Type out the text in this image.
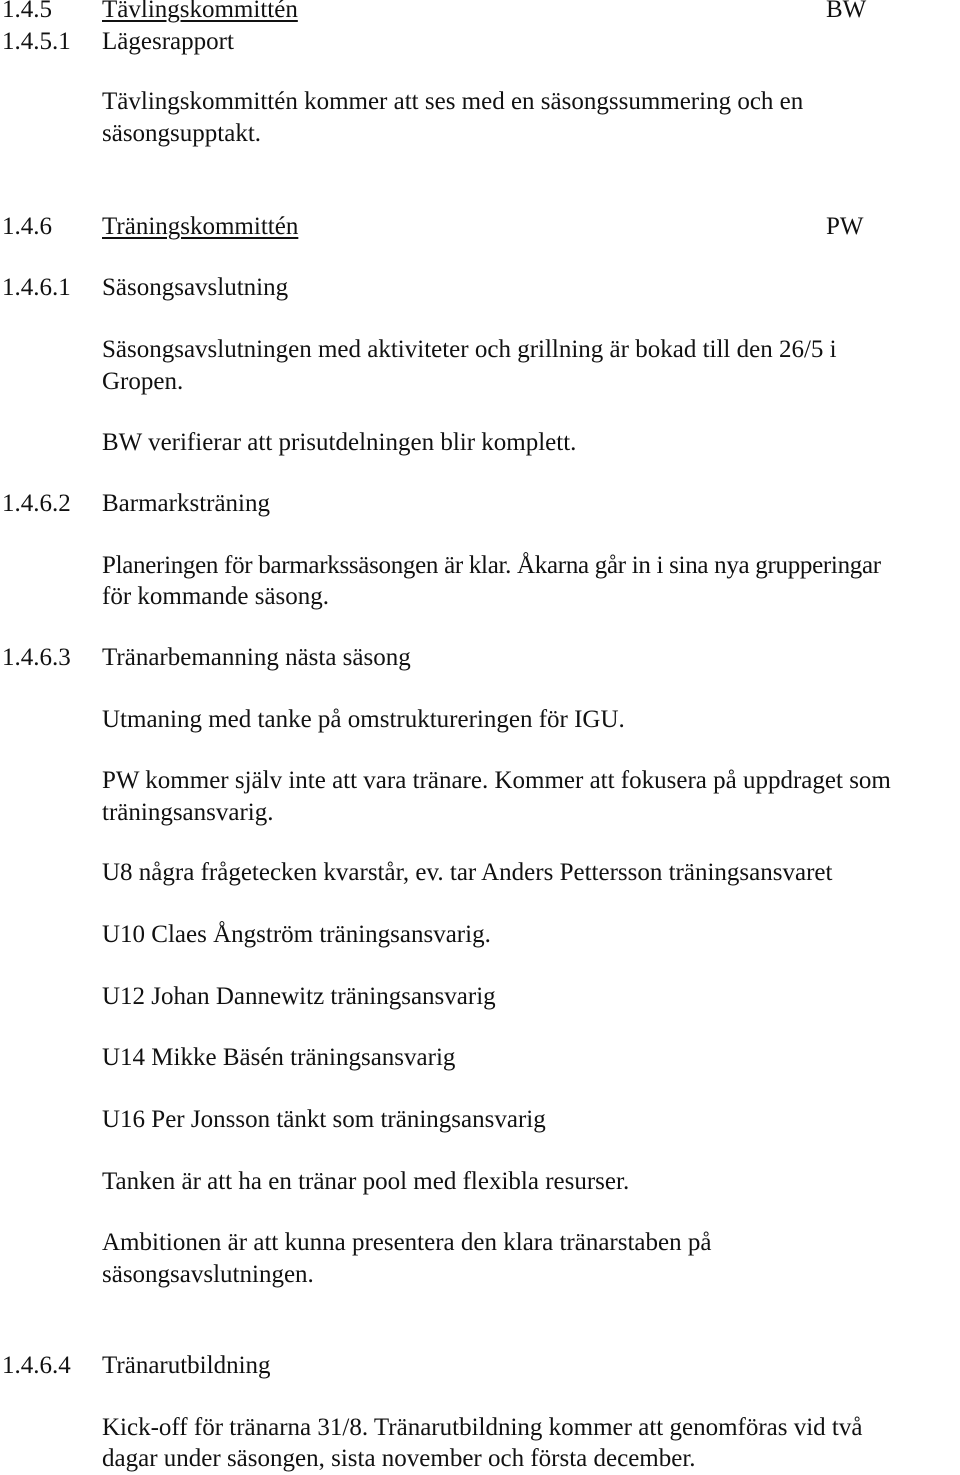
1.4.5 Tävlingskommittén	BW
1.4.5.1 Lägesrapport
Tävlingskommittén kommer att ses med en säsongssummering och en
säsongsupptakt.
1.4.6 Träningskommittén	PW
1.4.6.1 Säsongsavslutning
Säsongsavslutningen med aktiviteter och grillning är bokad till den 26/5 i
Gropen.
BW verifierar att prisutdelningen blir komplett.
1.4.6.2 Barmarksträning
Planeringen för barmarkssäsongen är klar. Åkarna går in i sina nya grupperingar
för kommande säsong.
1.4.6.3 Tränarbemanning nästa säsong
Utmaning med tanke på omstruktureringen för IGU.
PW kommer själv inte att vara tränare. Kommer att fokusera på uppdraget som
träningsansvarig.
U8 några frågetecken kvarstår, ev. tar Anders Pettersson träningsansvaret
U10 Claes Ångström träningsansvarig.
U12 Johan Dannewitz träningsansvarig
U14 Mikke Bäsén träningsansvarig
U16 Per Jonsson tänkt som träningsansvarig
Tanken är att ha en tränar pool med flexibla resurser.
Ambitionen är att kunna presentera den klara tränarstaben på
säsongsavslutningen.
1.4.6.4 Tränarutbildning
Kick-off för tränarna 31/8. Tränarutbildning kommer att genomföras vid två
dagar under säsongen, sista november och första december.
